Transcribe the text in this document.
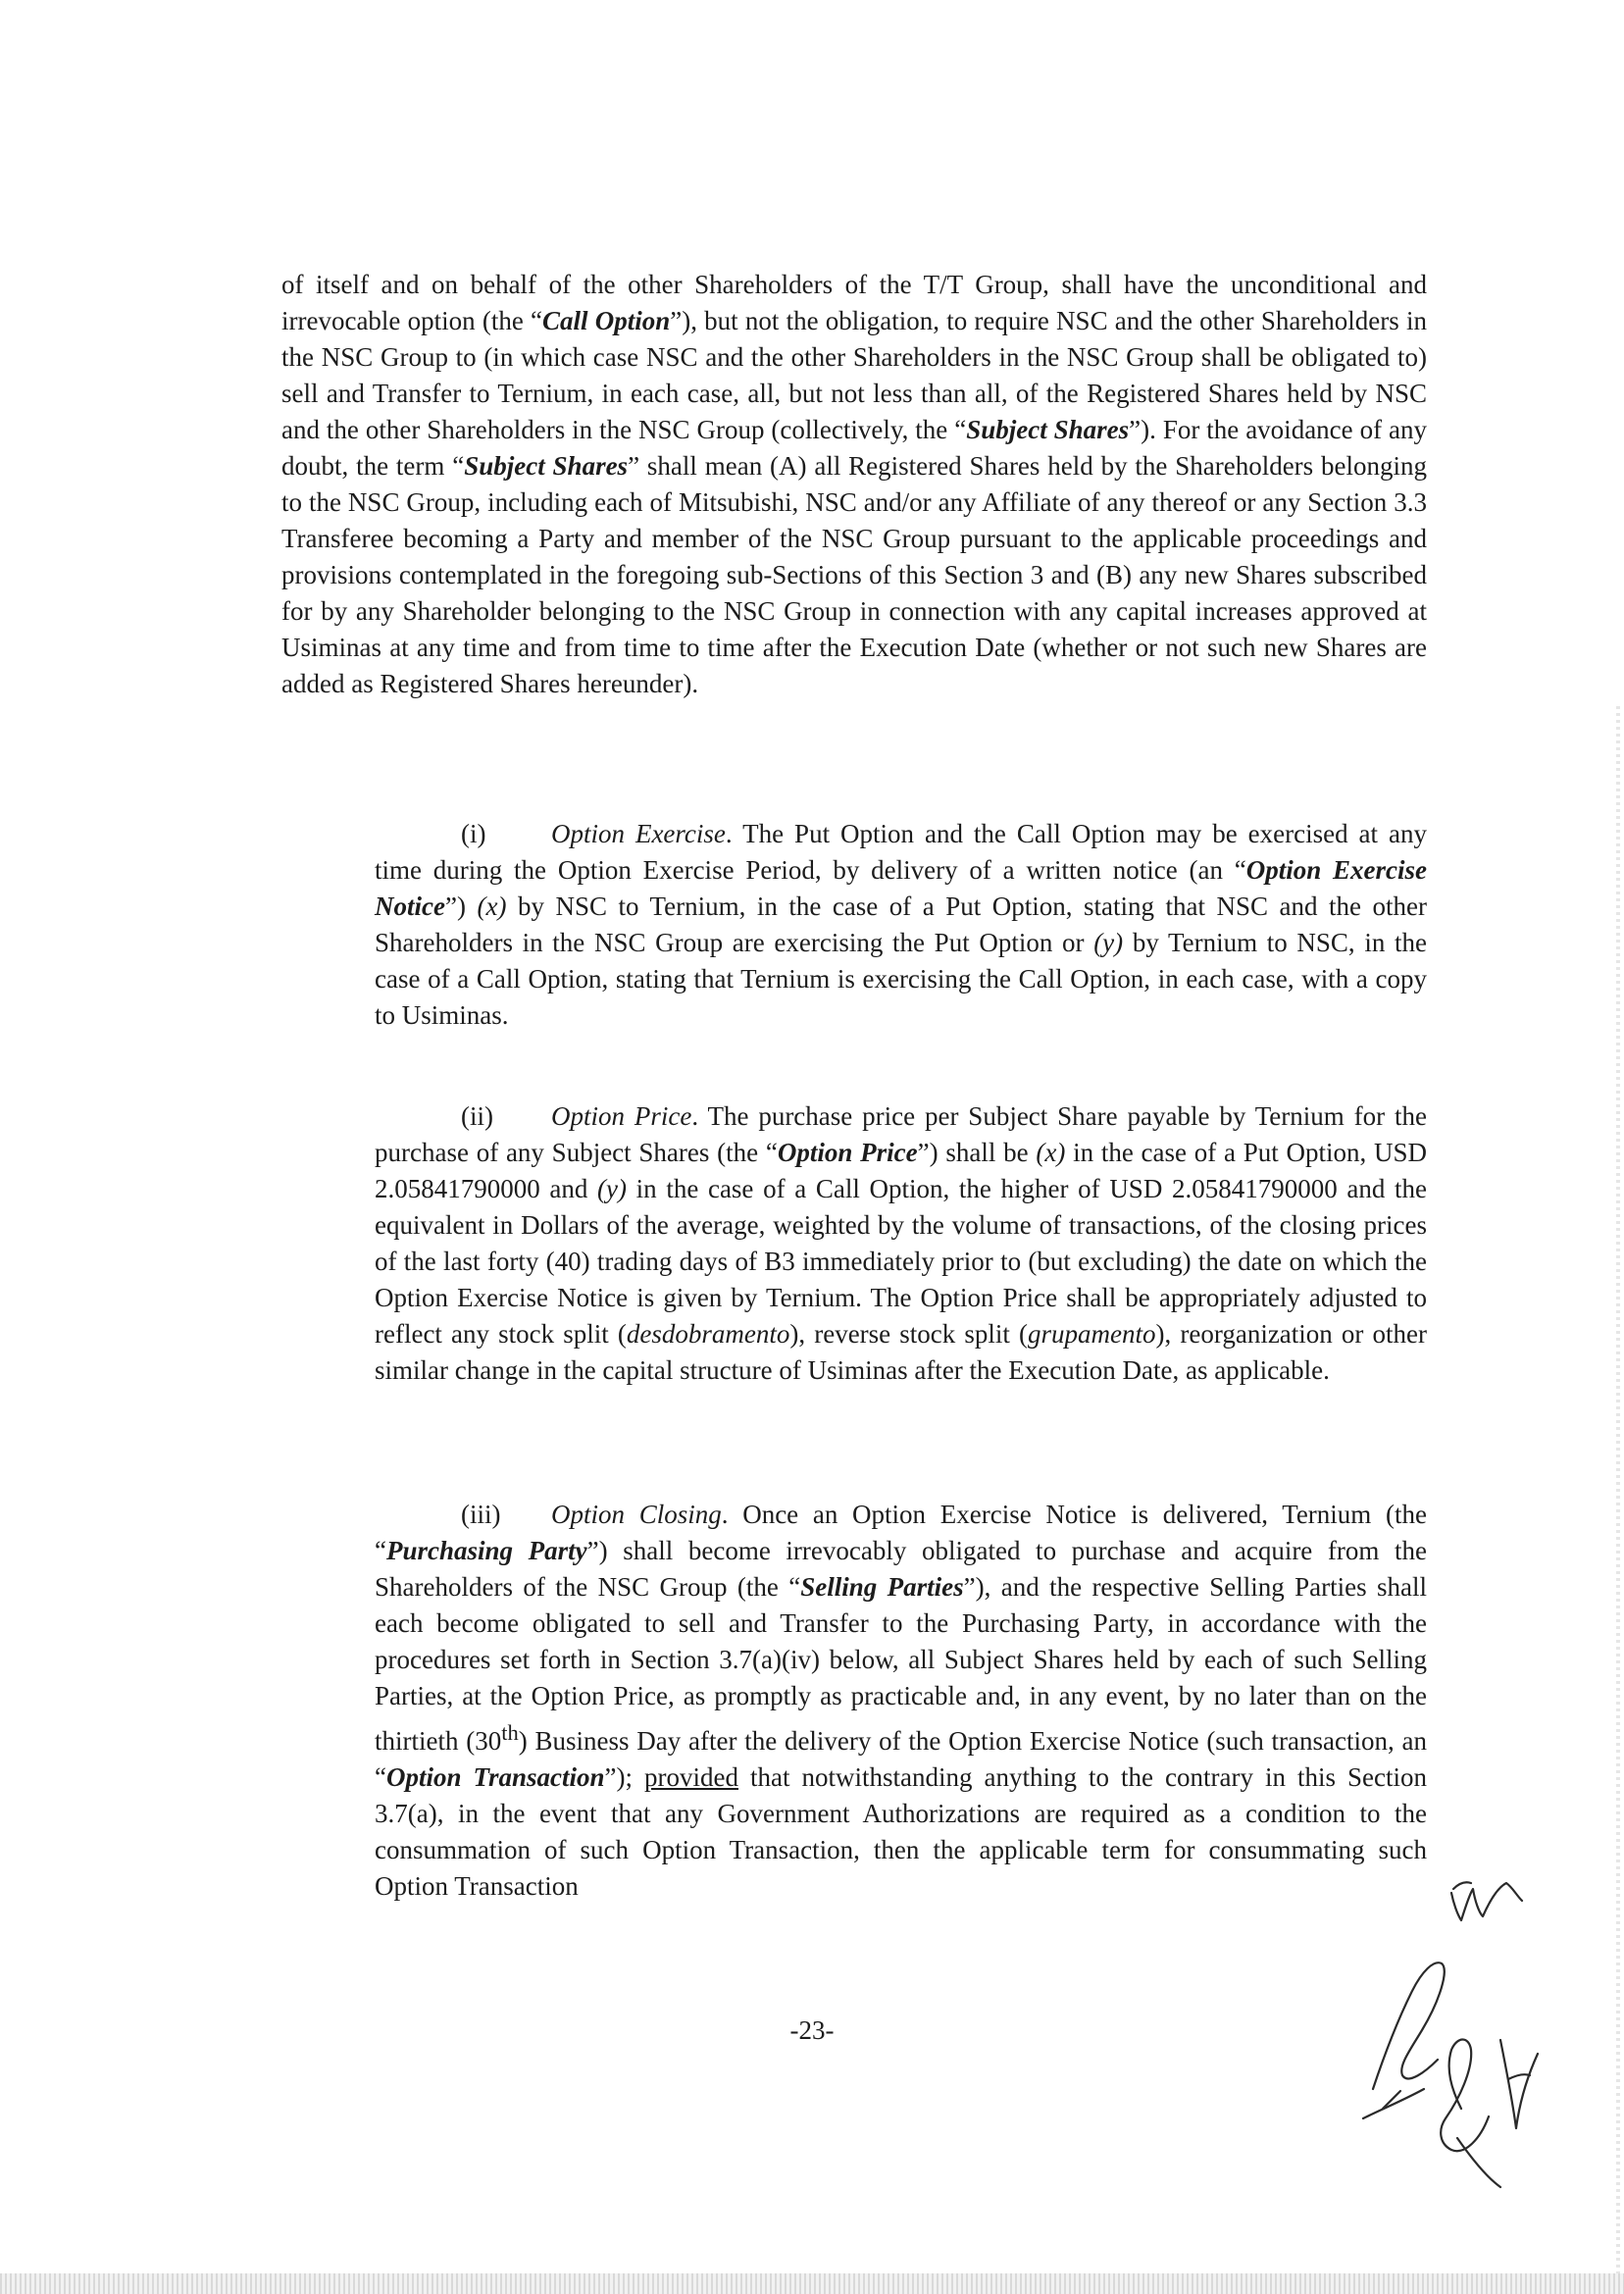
of itself and on behalf of the other Shareholders of the T/T Group, shall have the unconditional and irrevocable option (the “Call Option”), but not the obligation, to require NSC and the other Shareholders in the NSC Group to (in which case NSC and the other Shareholders in the NSC Group shall be obligated to) sell and Transfer to Ternium, in each case, all, but not less than all, of the Registered Shares held by NSC and the other Shareholders in the NSC Group (collectively, the “Subject Shares”). For the avoidance of any doubt, the term “Subject Shares” shall mean (A) all Registered Shares held by the Shareholders belonging to the NSC Group, including each of Mitsubishi, NSC and/or any Affiliate of any thereof or any Section 3.3 Transferee becoming a Party and member of the NSC Group pursuant to the applicable proceedings and provisions contemplated in the foregoing sub-Sections of this Section 3 and (B) any new Shares subscribed for by any Shareholder belonging to the NSC Group in connection with any capital increases approved at Usiminas at any time and from time to time after the Execution Date (whether or not such new Shares are added as Registered Shares hereunder).

(i) Option Exercise. The Put Option and the Call Option may be exercised at any time during the Option Exercise Period, by delivery of a written notice (an “Option Exercise Notice”) (x) by NSC to Ternium, in the case of a Put Option, stating that NSC and the other Shareholders in the NSC Group are exercising the Put Option or (y) by Ternium to NSC, in the case of a Call Option, stating that Ternium is exercising the Call Option, in each case, with a copy to Usiminas.

(ii) Option Price. The purchase price per Subject Share payable by Ternium for the purchase of any Subject Shares (the “Option Price”) shall be (x) in the case of a Put Option, USD 2.05841790000 and (y) in the case of a Call Option, the higher of USD 2.05841790000 and the equivalent in Dollars of the average, weighted by the volume of transactions, of the closing prices of the last forty (40) trading days of B3 immediately prior to (but excluding) the date on which the Option Exercise Notice is given by Ternium. The Option Price shall be appropriately adjusted to reflect any stock split (desdobramento), reverse stock split (grupamento), reorganization or other similar change in the capital structure of Usiminas after the Execution Date, as applicable.

(iii) Option Closing. Once an Option Exercise Notice is delivered, Ternium (the “Purchasing Party”) shall become irrevocably obligated to purchase and acquire from the Shareholders of the NSC Group (the “Selling Parties”), and the respective Selling Parties shall each become obligated to sell and Transfer to the Purchasing Party, in accordance with the procedures set forth in Section 3.7(a)(iv) below, all Subject Shares held by each of such Selling Parties, at the Option Price, as promptly as practicable and, in any event, by no later than on the thirtieth (30th) Business Day after the delivery of the Option Exercise Notice (such transaction, an “Option Transaction”); provided that notwithstanding anything to the contrary in this Section 3.7(a), in the event that any Government Authorizations are required as a condition to the consummation of such Option Transaction, then the applicable term for consummating such Option Transaction

-23-
